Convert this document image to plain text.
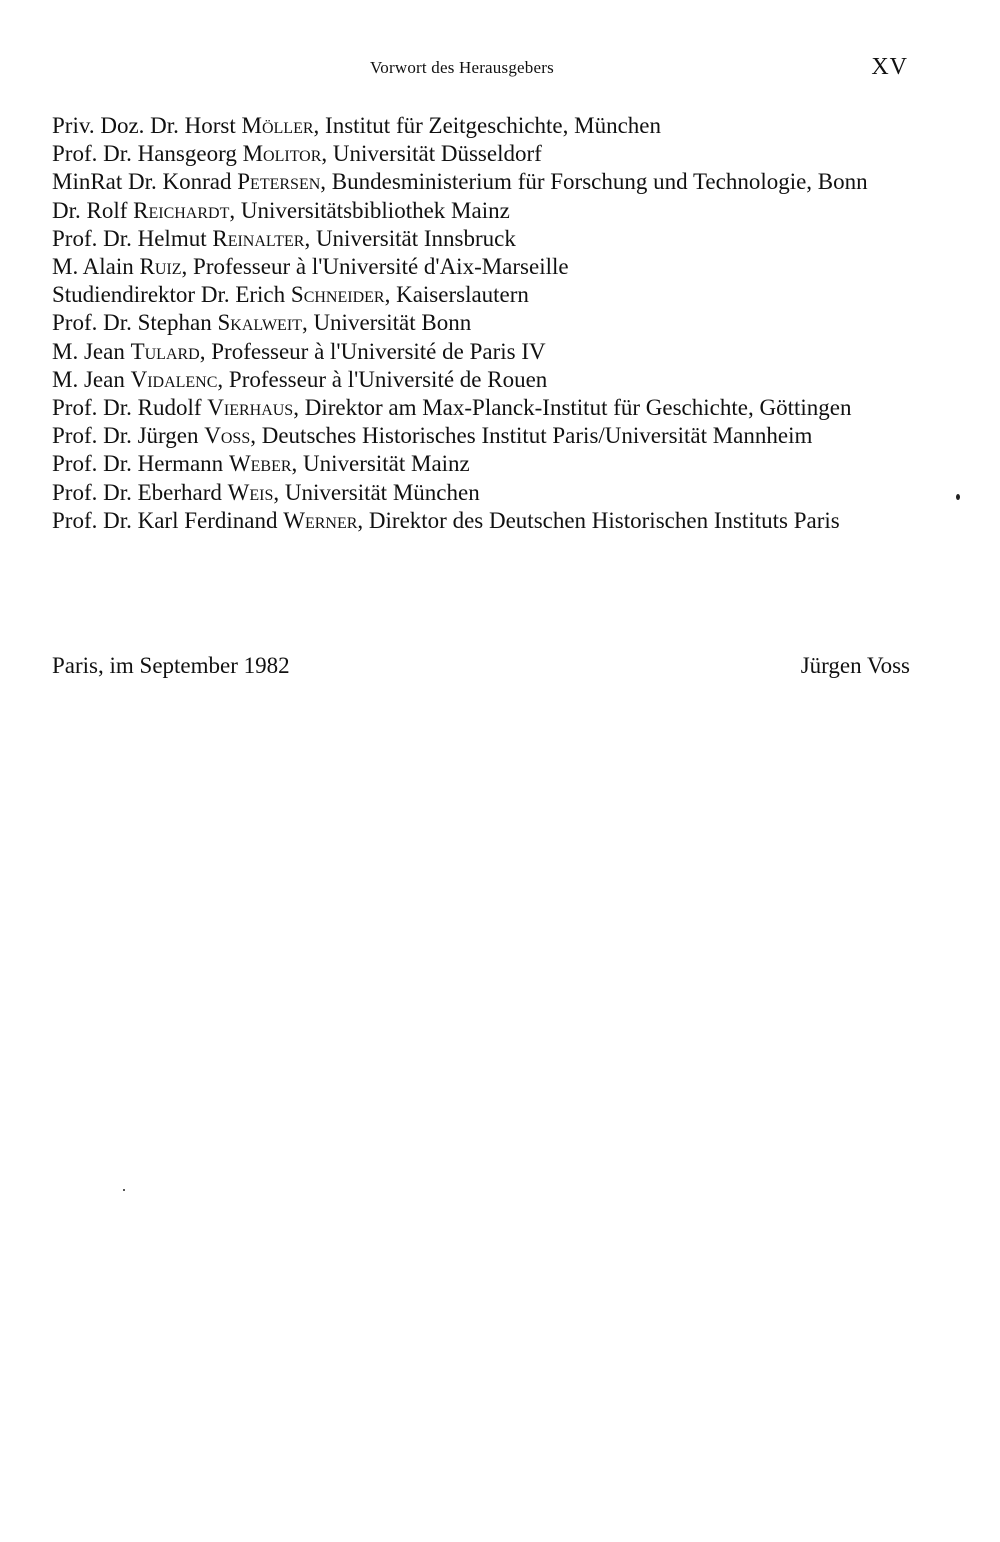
Vorwort des Herausgebers	XV
Priv. Doz. Dr. Horst Möller, Institut für Zeitgeschichte, München
Prof. Dr. Hansgeorg Molitor, Universität Düsseldorf
MinRat Dr. Konrad Petersen, Bundesministerium für Forschung und Technologie, Bonn
Dr. Rolf Reichardt, Universitätsbibliothek Mainz
Prof. Dr. Helmut Reinalter, Universität Innsbruck
M. Alain Ruiz, Professeur à l'Université d'Aix-Marseille
Studiendirektor Dr. Erich Schneider, Kaiserslautern
Prof. Dr. Stephan Skalweit, Universität Bonn
M. Jean Tulard, Professeur à l'Université de Paris IV
M. Jean Vidalenc, Professeur à l'Université de Rouen
Prof. Dr. Rudolf Vierhaus, Direktor am Max-Planck-Institut für Geschichte, Göttingen
Prof. Dr. Jürgen Voss, Deutsches Historisches Institut Paris/Universität Mannheim
Prof. Dr. Hermann Weber, Universität Mainz
Prof. Dr. Eberhard Weis, Universität München
Prof. Dr. Karl Ferdinand Werner, Direktor des Deutschen Historischen Instituts Paris
Paris, im September 1982	Jürgen Voss
